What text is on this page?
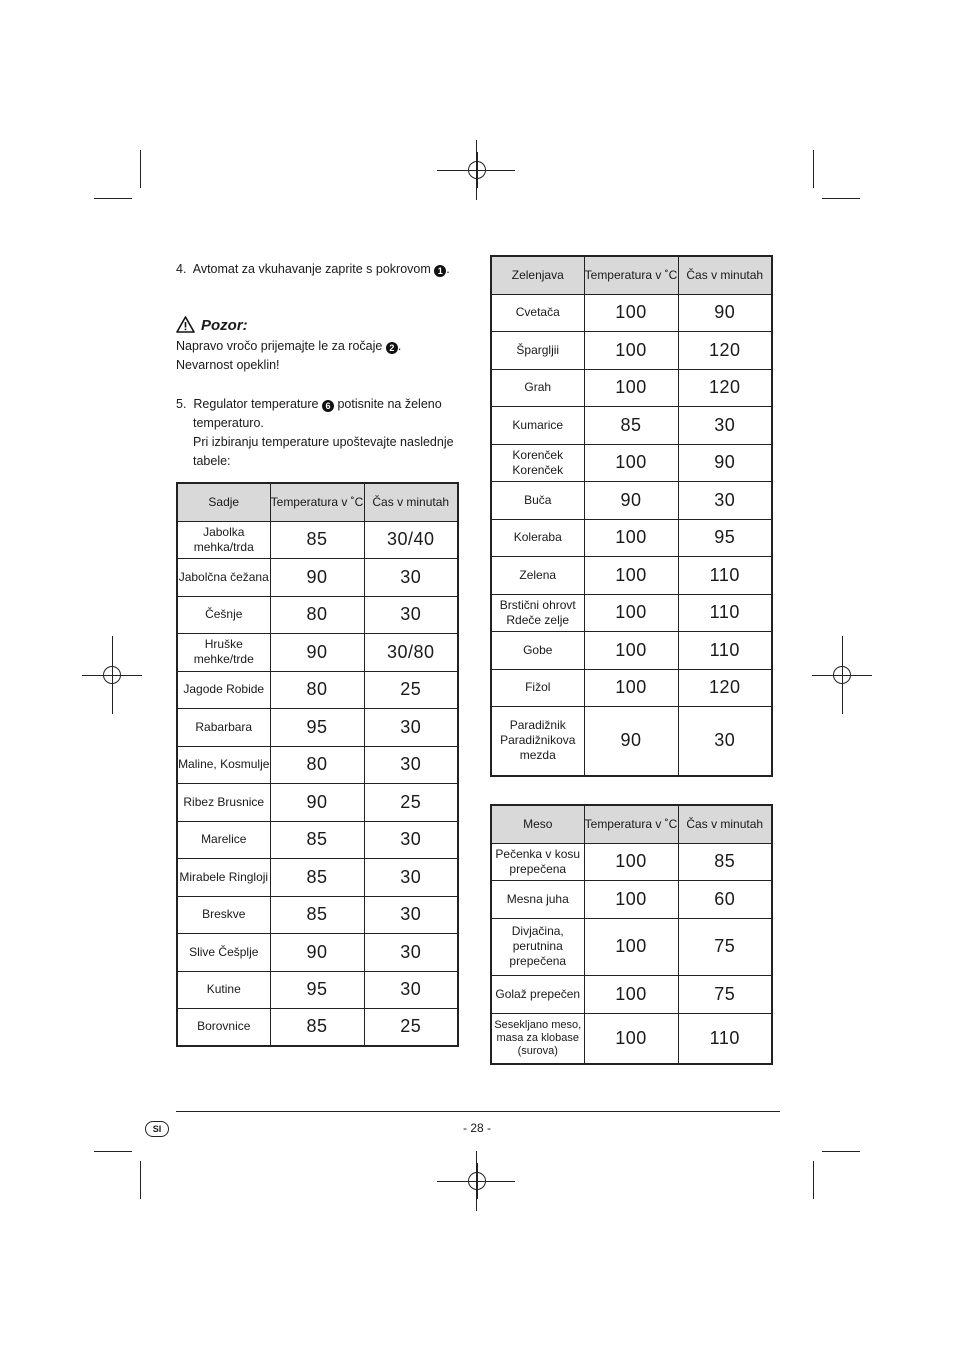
4. Avtomat za vkuhavanje zaprite s pokrovom 1 .
Pozor:
Napravo vročo prijemajte le za ročaje 2 .
Nevarnost opeklin!
5. Regulator temperature 6 potisnite na želeno
temperaturo.
Pri izbiranju temperature upoštevajte naslednje
tabele:
Sadje	Temperatura v ˚C	Čas v minutah
Jabolka mehka/trda	85	30/40
Jabolčna čežana	90	30
Češnje	80	30
Hruške mehke/trde	90	30/80
Jagode Robide	80	25
Rabarbara	95	30
Maline, Kosmulje	80	30
Ribez Brusnice	90	25
Marelice	85	30
Mirabele Ringloji	85	30
Breskve	85	30
Slive Češplje	90	30
Kutine	95	30
Borovnice	85	25
Zelenjava	Temperatura v ˚C	Čas v minutah
Cvetača	100	90
Špargljii	100	120
Grah	100	120
Kumarice	85	30
Korenček Korenček	100	90
Buča	90	30
Koleraba	100	95
Zelena	100	110
Brstični ohrovt Rdeče zelje	100	110
Gobe	100	110
Fižol	100	120
Paradižnik Paradižnikova mezda	90	30
Meso	Temperatura v ˚C	Čas v minutah
Pečenka v kosu prepečena	100	85
Mesna juha	100	60
Divjačina, perutnina prepečena	100	75
Golaž prepečen	100	75
Sesekljano meso, masa za klobase (surova)	100	110
SI	- 28 -
